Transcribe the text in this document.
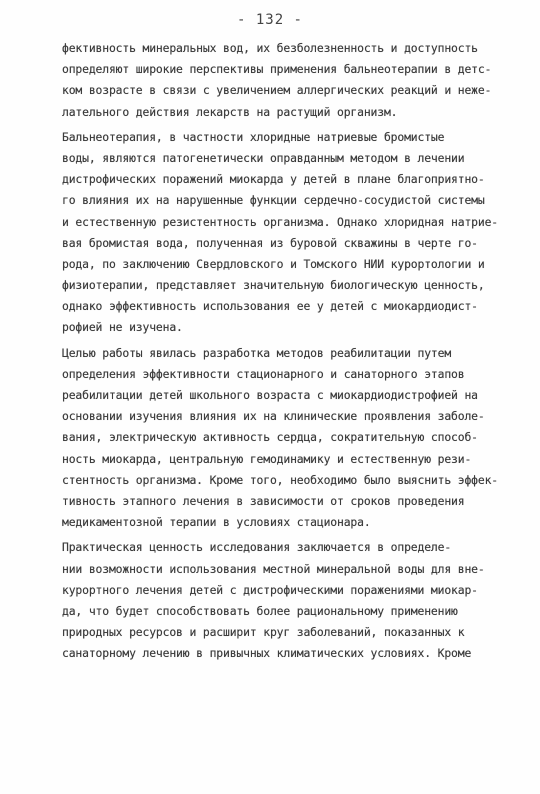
- 132 -
фективность минеральных вод, их безболезненность и доступность
определяют широкие перспективы применения бальнеотерапии в детс-
ком возрасте в связи с увеличением аллергических реакций и неже-
лательного действия лекарств на растущий организм.
Бальнеотерапия, в частности хлоридные натриевые бромистые
воды, являются патогенетически оправданным методом в лечении
дистрофических поражений миокарда у детей в плане благоприятно-
го влияния их на нарушенные функции сердечно-сосудистой системы
и естественную резистентность организма. Однако хлоридная натрие-
вая бромистая вода, полученная из буровой скважины в черте го-
рода, по заключению Свердловского и Томского НИИ курортологии и
физиотерапии, представляет значительную биологическую ценность,
однако эффективность использования ее у детей с миокардиодист-
рофией не изучена.
Целью работы явилась разработка методов реабилитации путем
определения эффективности стационарного и санаторного этапов
реабилитации детей школьного возраста с миокардиодистрофией на
основании изучения влияния их на клинические проявления заболе-
вания, электрическую активность сердца, сократительную способ-
ность миокарда, центральную гемодинамику и естественную рези-
стентность организма. Кроме того, необходимо было выяснить эффек-
тивность этапного лечения в зависимости от сроков проведения
медикаментозной терапии в условиях стационара.
Практическая ценность исследования заключается в определе-
нии возможности использования местной минеральной воды для вне-
курортного лечения детей с дистрофическими поражениями миокар-
да, что будет способствовать более рациональному применению
природных ресурсов и расширит круг заболеваний, показанных к
санаторному лечению в привычных климатических условиях. Кроме
